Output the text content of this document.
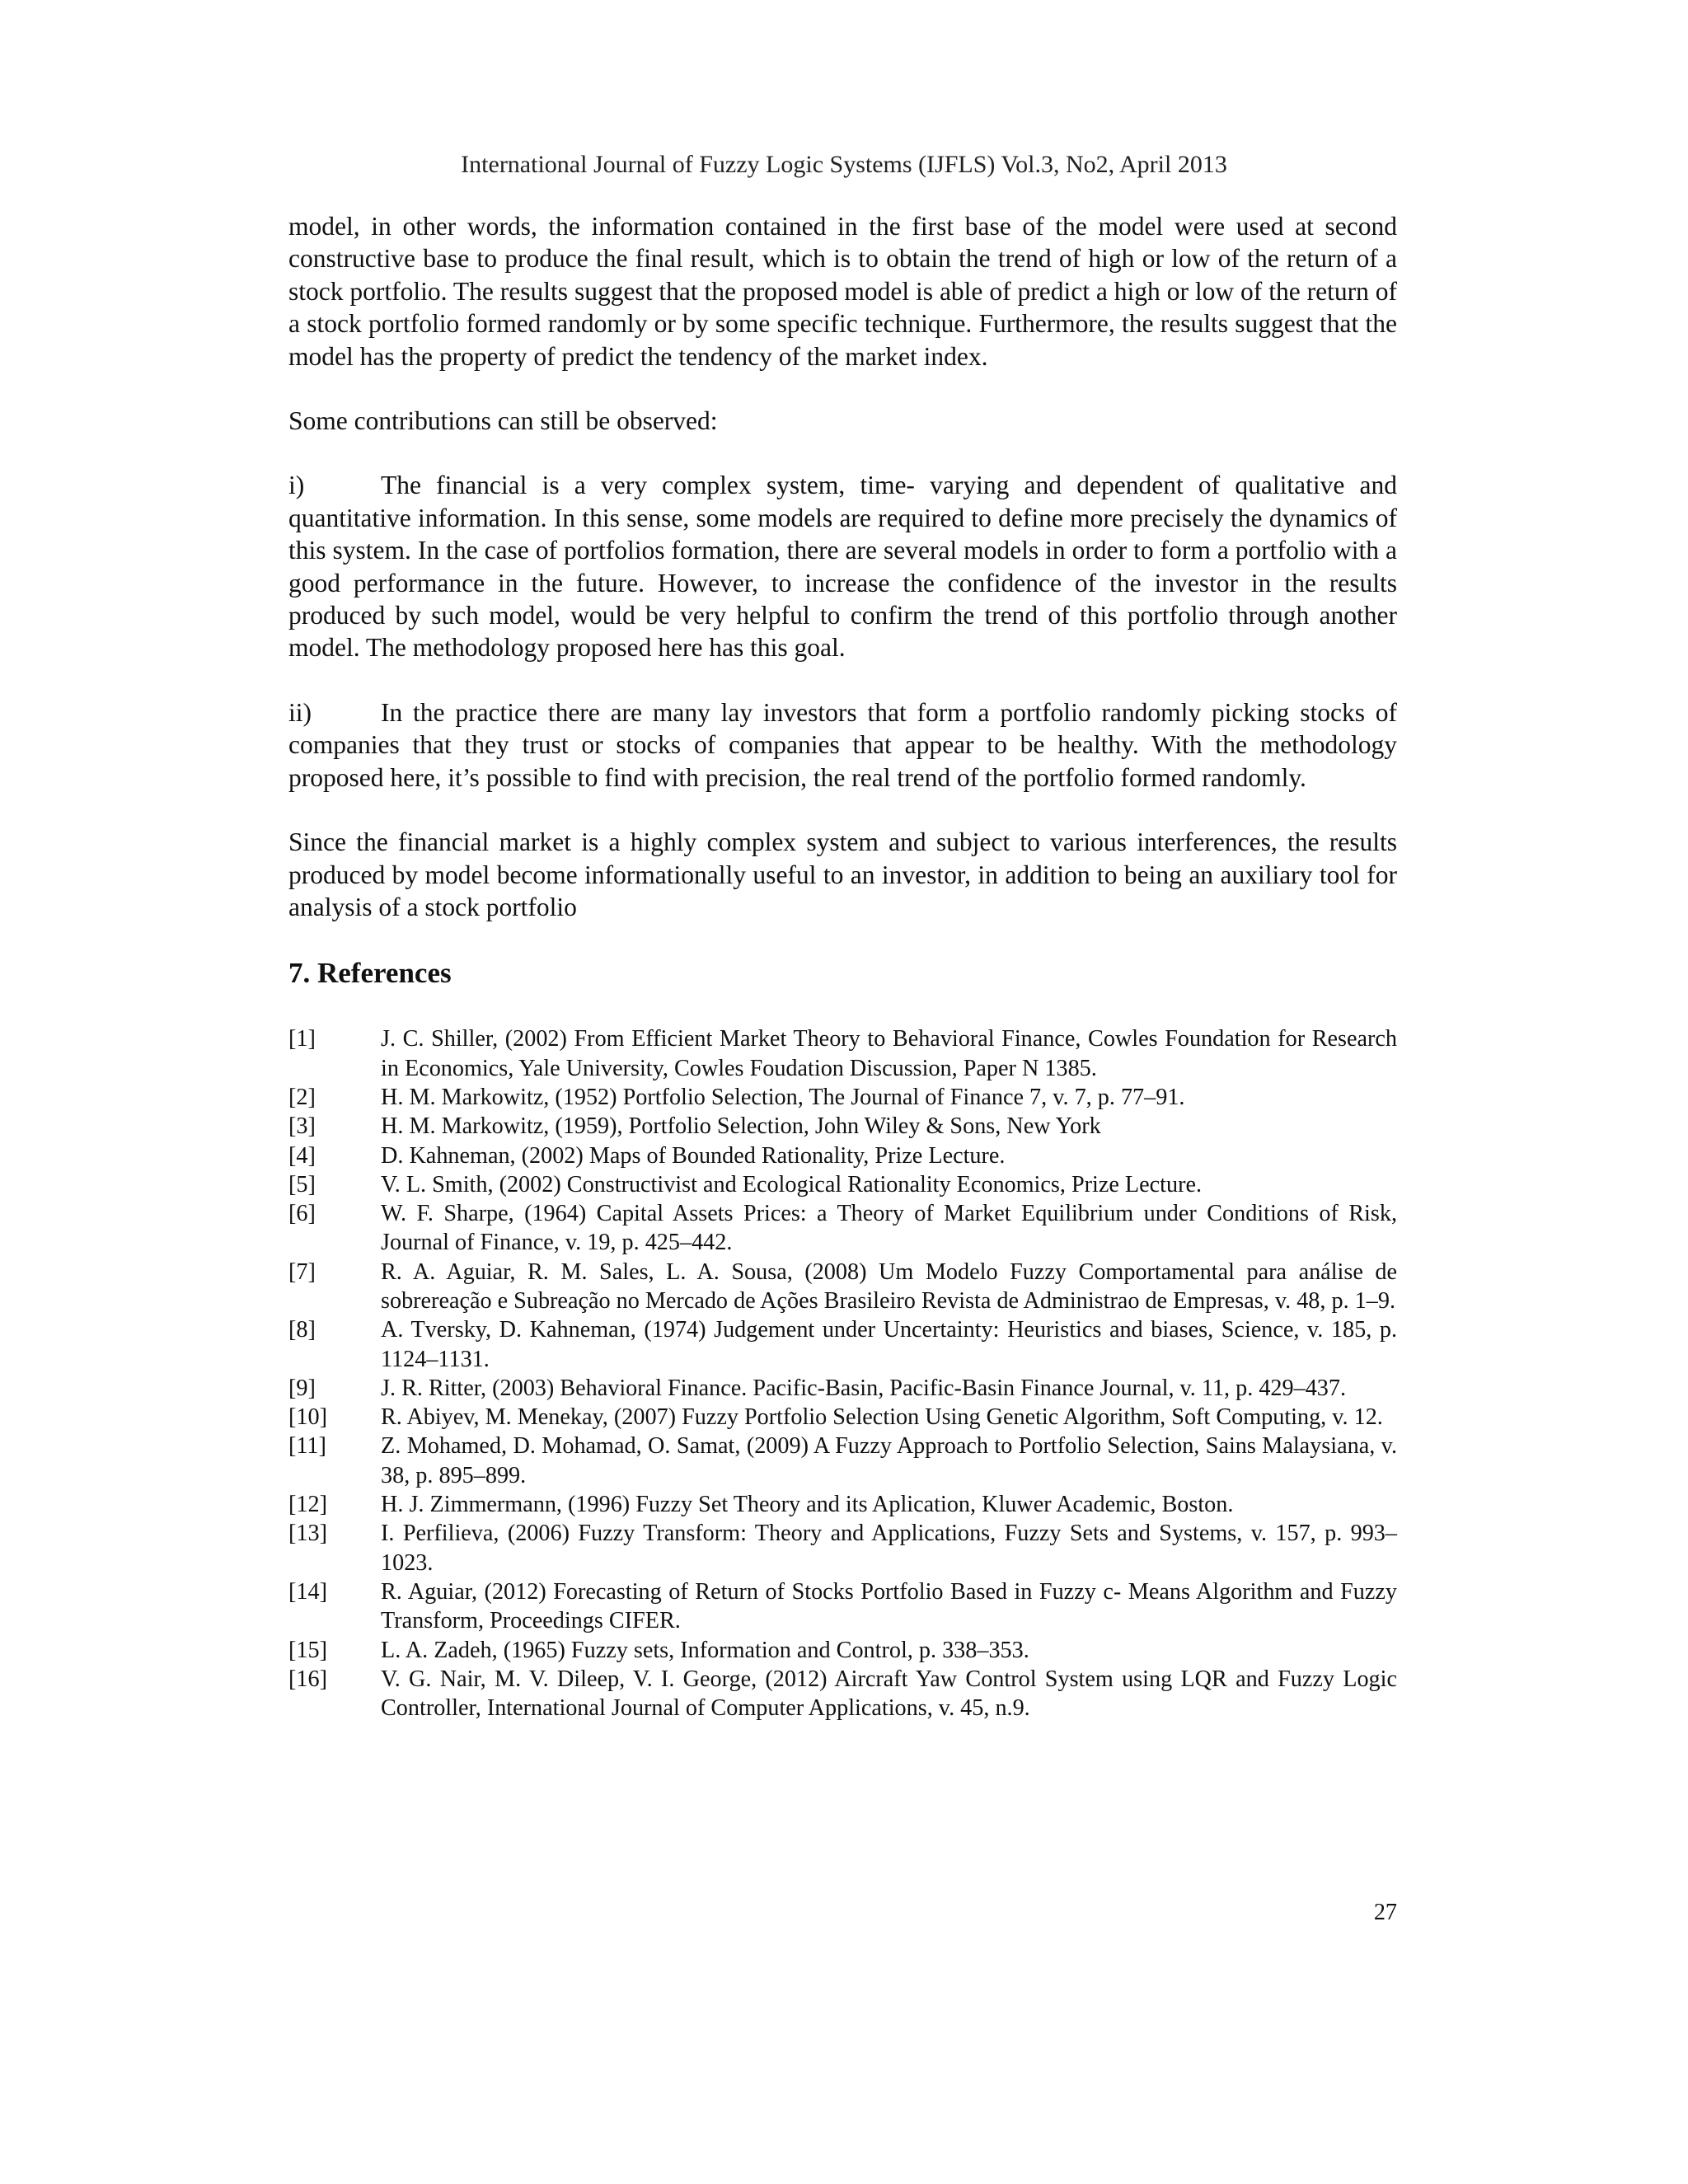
International Journal of Fuzzy Logic Systems (IJFLS) Vol.3, No2, April 2013

model, in other words, the information contained in the first base of the model were used at second constructive base to produce the final result, which is to obtain the trend of high or low of the return of a stock portfolio. The results suggest that the proposed model is able of predict a high or low of the return of a stock portfolio formed randomly or by some specific technique. Furthermore, the results suggest that the model has the property of predict the tendency of the market index.

Some contributions can still be observed:

i)	The financial is a very complex system, time- varying and dependent of qualitative and quantitative information. In this sense, some models are required to define more precisely the dynamics of this system. In the case of portfolios formation, there are several models in order to form a portfolio with a good performance in the future. However, to increase the confidence of the investor in the results produced by such model, would be very helpful to confirm the trend of this portfolio through another model. The methodology proposed here has this goal.

ii)	In the practice there are many lay investors that form a portfolio randomly picking stocks of companies that they trust or stocks of companies that appear to be healthy. With the methodology proposed here, it’s possible to find with precision, the real trend of the portfolio formed randomly.

Since the financial market is a highly complex system and subject to various interferences, the results produced by model become informationally useful to an investor, in addition to being an auxiliary tool for analysis of a stock portfolio

7. References
[1]	J. C. Shiller, (2002) From Efficient Market Theory to Behavioral Finance, Cowles Foundation for Research in Economics, Yale University, Cowles Foudation Discussion, Paper N 1385.
[2]	H. M. Markowitz, (1952) Portfolio Selection, The Journal of Finance 7, v. 7, p. 77–91.
[3]	H. M. Markowitz, (1959), Portfolio Selection, John Wiley & Sons, New York
[4]	D. Kahneman, (2002) Maps of Bounded Rationality, Prize Lecture.
[5]	V. L. Smith, (2002) Constructivist and Ecological Rationality Economics, Prize Lecture.
[6]	W. F. Sharpe, (1964) Capital Assets Prices: a Theory of Market Equilibrium under Conditions of Risk, Journal of Finance, v. 19, p. 425–442.
[7]	R. A. Aguiar, R. M. Sales, L. A. Sousa, (2008) Um Modelo Fuzzy Comportamental para análise de sobrereação e Subreação no Mercado de Ações Brasileiro Revista de Administrao de Empresas, v. 48, p. 1–9.
[8]	A. Tversky, D. Kahneman, (1974) Judgement under Uncertainty: Heuristics and biases, Science, v. 185, p. 1124–1131.
[9]	J. R. Ritter, (2003) Behavioral Finance. Pacific-Basin, Pacific-Basin Finance Journal, v. 11, p. 429–437.
[10]	R. Abiyev, M. Menekay, (2007) Fuzzy Portfolio Selection Using Genetic Algorithm, Soft Computing, v. 12.
[11]	Z. Mohamed, D. Mohamad, O. Samat, (2009) A Fuzzy Approach to Portfolio Selection, Sains Malaysiana, v. 38, p. 895–899.
[12]	H. J. Zimmermann, (1996) Fuzzy Set Theory and its Aplication, Kluwer Academic, Boston.
[13]	I. Perfilieva, (2006) Fuzzy Transform: Theory and Applications, Fuzzy Sets and Systems, v. 157, p. 993–1023.
[14]	R. Aguiar, (2012) Forecasting of Return of Stocks Portfolio Based in Fuzzy c- Means Algorithm and Fuzzy Transform, Proceedings CIFER.
[15]	L. A. Zadeh, (1965) Fuzzy sets, Information and Control, p. 338–353.
[16]	V. G. Nair, M. V. Dileep, V. I. George, (2012) Aircraft Yaw Control System using LQR and Fuzzy Logic Controller, International Journal of Computer Applications, v. 45, n.9.
27
